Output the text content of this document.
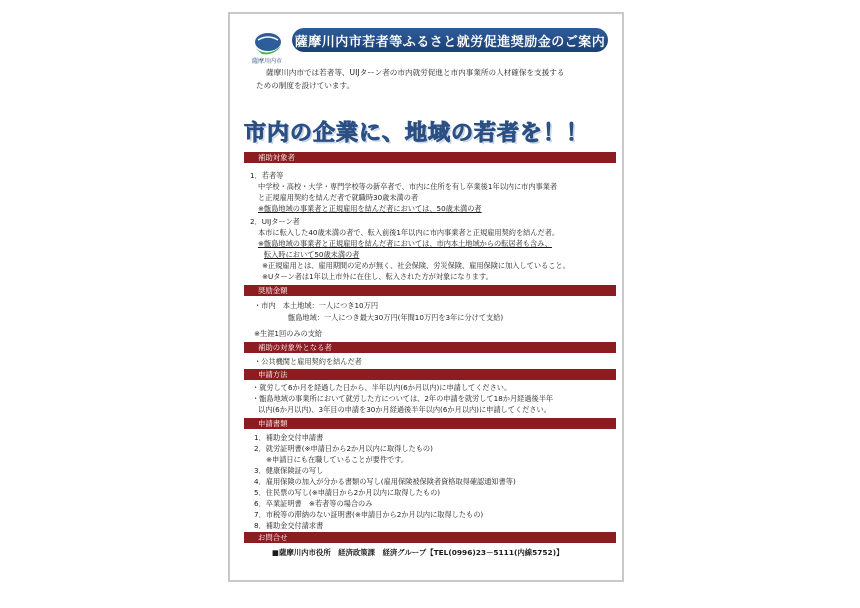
薩摩川内市
薩摩川内市若者等ふるさと就労促進奨励金のご案内
薩摩川内市では若者等、UIJターン者の市内就労促進と市内事業所の人材確保を支援する
ための制度を設けています。
市内の企業に、地域の若者を！！
補助対象者
1．若者等
中学校・高校・大学・専門学校等の新卒者で、市内に住所を有し卒業後1年以内に市内事業者
と正規雇用契約を結んだ者で就職時30歳未満の者
※甑島地域の事業者と正規雇用を結んだ者においては、50歳未満の者
2．UIJターン者
本市に転入した40歳未満の者で、転入前後1年以内に市内事業者と正規雇用契約を結んだ者。
※甑島地域の事業者と正規雇用を結んだ者においては、市内本土地域からの転居者も含み、
転入時において50歳未満の者
※正規雇用とは、雇用期間の定めが無く、社会保険、労災保険、雇用保険に加入していること。
※Uターン者は1年以上市外に在住し、転入された方が対象になります。
奨励金額
・市内　本土地域：一人につき10万円
甑島地域：一人につき最大30万円(年間10万円を3年に分けて支給)
※生涯1回のみの支給
補助の対象外となる者
・公共機関と雇用契約を結んだ者
申請方法
・就労して6か月を経過した日から、半年以内(6か月以内)に申請してください。
・甑島地域の事業所において就労した方については、2年の申請を就労して18か月経過後半年
以内(6か月以内)、3年目の申請を30か月経過後半年以内(6か月以内)に申請してください。
申請書類
1．補助金交付申請書
2．就労証明書(※申請日から2か月以内に取得したもの)
※申請日にも在職していることが要件です。
3．健康保険証の写し
4．雇用保険の加入が分かる書類の写し(雇用保険被保険者資格取得確認通知書等)
5．住民票の写し(※申請日から2か月以内に取得したもの)
6．卒業証明書　※若者等の場合のみ
7．市税等の滞納のない証明書(※申請日から2か月以内に取得したもの)
8．補助金交付請求書
お問合せ
■薩摩川内市役所　経済政策課　経済グループ【TEL(0996)23－5111(内線5752)】
